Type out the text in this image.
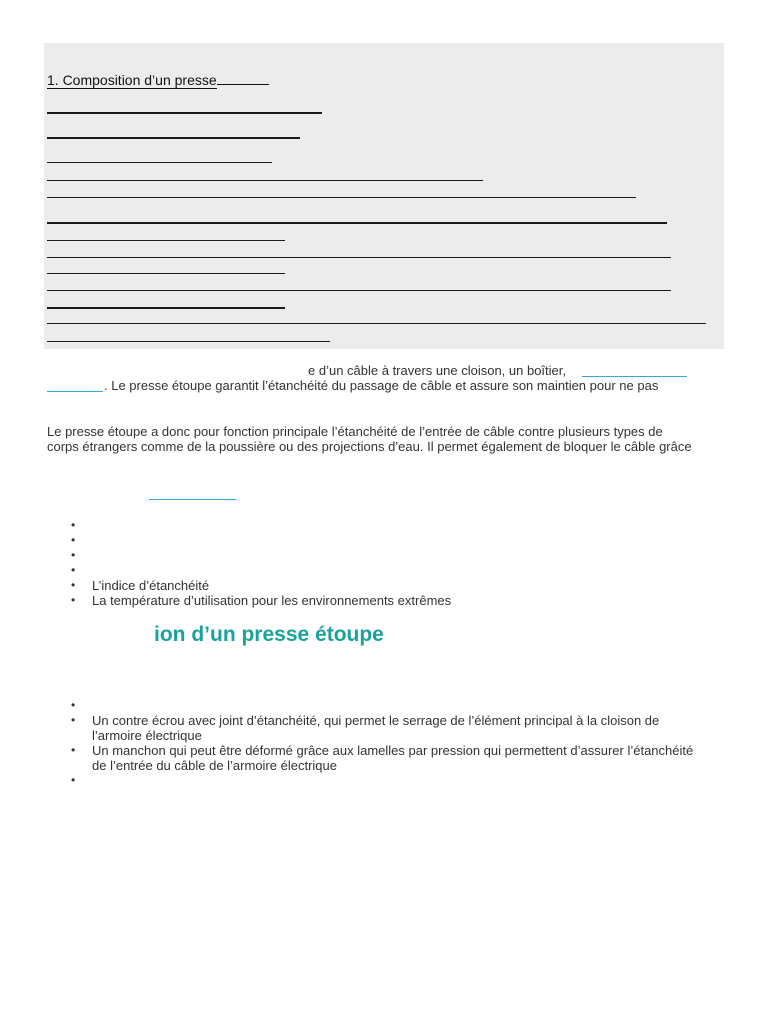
1. Composition d’un presse
e d’un câble à travers une cloison, un boîtier,
. Le presse étoupe garantit l’étanchéité du passage de câble et assure son maintien pour ne pas
Le presse étoupe a donc pour fonction principale l’étanchéité de l’entrée de câble contre plusieurs types de
corps étrangers comme de la poussière ou des projections d’eau. Il permet également de bloquer le câble grâce
•
•
•
•
• L’indice d’étanchéité
• La température d’utilisation pour les environnements extrêmes
ion d’un presse étoupe
•
• Un contre écrou avec joint d’étanchéité, qui permet le serrage de l’élément principal à la cloison de
l’armoire électrique
• Un manchon qui peut être déformé grâce aux lamelles par pression qui permettent d’assurer l’étanchéité
de l’entrée du câble de l’armoire électrique
•
